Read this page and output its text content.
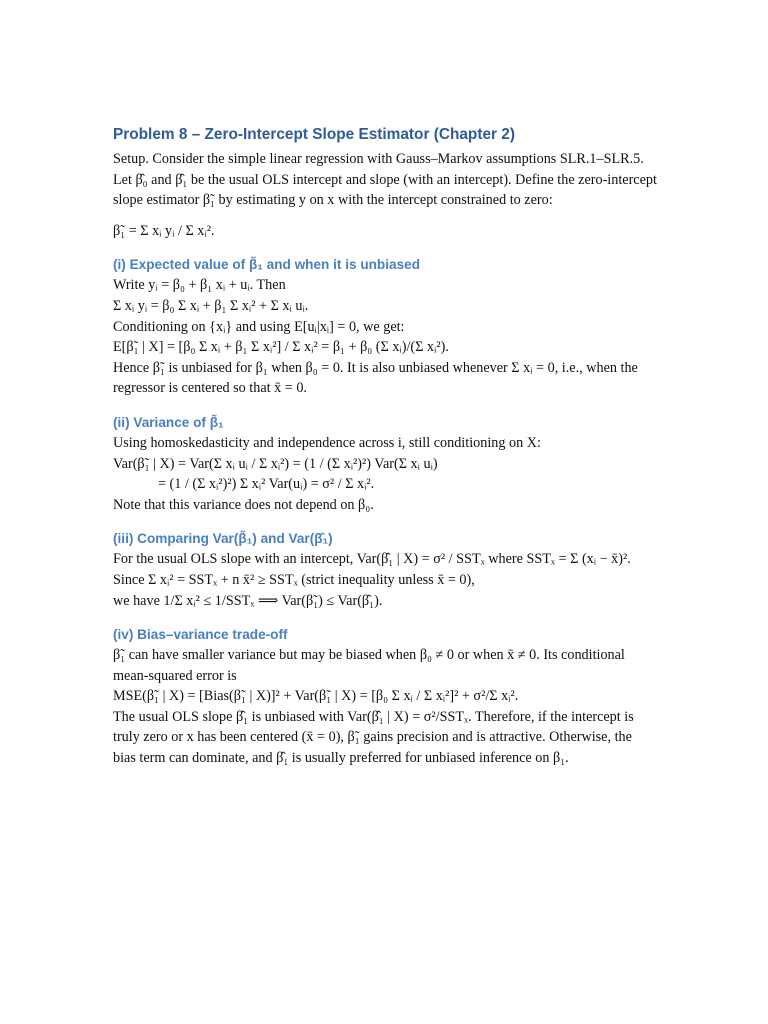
Problem 8 – Zero-Intercept Slope Estimator (Chapter 2)

Setup. Consider the simple linear regression with Gauss–Markov assumptions SLR.1–SLR.5. Let β̂₀ and β̂₁ be the usual OLS intercept and slope (with an intercept). Define the zero-intercept slope estimator β̃₁ by estimating y on x with the intercept constrained to zero:

β̃₁ = Σ xᵢ yᵢ / Σ xᵢ².

(i) Expected value of β̃₁ and when it is unbiased

Write yᵢ = β₀ + β₁ xᵢ + uᵢ. Then

Σ xᵢ yᵢ = β₀ Σ xᵢ + β₁ Σ xᵢ² + Σ xᵢ uᵢ.

Conditioning on {xᵢ} and using E[uᵢ|xᵢ] = 0, we get:

E[β̃₁ | X] = [β₀ Σ xᵢ + β₁ Σ xᵢ²] / Σ xᵢ² = β₁ + β₀ (Σ xᵢ)/(Σ xᵢ²).

Hence β̃₁ is unbiased for β₁ when β₀ = 0. It is also unbiased whenever Σ xᵢ = 0, i.e., when the regressor is centered so that x̄ = 0.

(ii) Variance of β̃₁

Using homoskedasticity and independence across i, still conditioning on X:

Var(β̃₁ | X) = Var(Σ xᵢ uᵢ / Σ xᵢ²) = (1 / (Σ xᵢ²)²) Var(Σ xᵢ uᵢ)

= (1 / (Σ xᵢ²)²) Σ xᵢ² Var(uᵢ) = σ² / Σ xᵢ².

Note that this variance does not depend on β₀.

(iii) Comparing Var(β̃₁) and Var(β̂₁)

For the usual OLS slope with an intercept, Var(β̂₁ | X) = σ² / SSTₓ where SSTₓ = Σ (xᵢ − x̄)².

Since Σ xᵢ² = SSTₓ + n x̄² ≥ SSTₓ (strict inequality unless x̄ = 0),

we have 1/Σ xᵢ² ≤ 1/SSTₓ ⟹ Var(β̃₁) ≤ Var(β̂₁).

(iv) Bias–variance trade-off

β̃₁ can have smaller variance but may be biased when β₀ ≠ 0 or when x̄ ≠ 0. Its conditional mean-squared error is

MSE(β̃₁ | X) = [Bias(β̃₁ | X)]² + Var(β̃₁ | X) = [β₀ Σ xᵢ / Σ xᵢ²]² + σ²/Σ xᵢ².

The usual OLS slope β̂₁ is unbiased with Var(β̂₁ | X) = σ²/SSTₓ. Therefore, if the intercept is truly zero or x has been centered (x̄ = 0), β̃₁ gains precision and is attractive. Otherwise, the bias term can dominate, and β̂₁ is usually preferred for unbiased inference on β₁.
